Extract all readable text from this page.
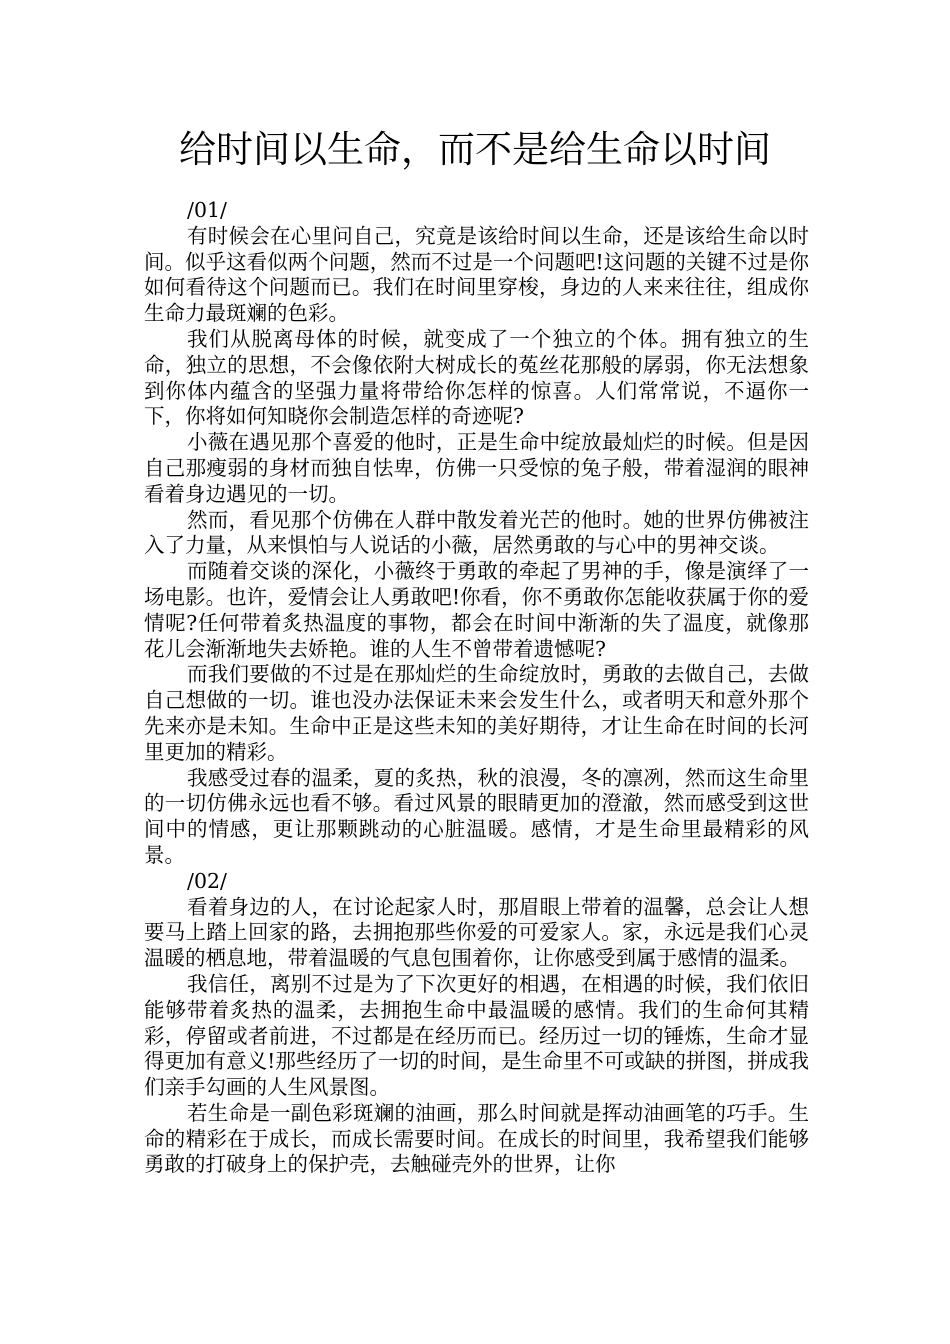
给时间以生命，而不是给生命以时间

/01/

有时候会在心里问自己，究竟是该给时间以生命，还是该给生命以时间。似乎这看似两个问题，然而不过是一个问题吧!这问题的关键不过是你如何看待这个问题而已。我们在时间里穿梭，身边的人来来往往，组成你生命力最斑斓的色彩。

我们从脱离母体的时候，就变成了一个独立的个体。拥有独立的生命，独立的思想，不会像依附大树成长的菟丝花那般的孱弱，你无法想象到你体内蕴含的坚强力量将带给你怎样的惊喜。人们常常说，不逼你一下，你将如何知晓你会制造怎样的奇迹呢?

小薇在遇见那个喜爱的他时，正是生命中绽放最灿烂的时候。但是因自己那瘦弱的身材而独自怯卑，仿佛一只受惊的兔子般，带着湿润的眼神看着身边遇见的一切。

然而，看见那个仿佛在人群中散发着光芒的他时。她的世界仿佛被注入了力量，从来惧怕与人说话的小薇，居然勇敢的与心中的男神交谈。

而随着交谈的深化，小薇终于勇敢的牵起了男神的手，像是演绎了一场电影。也许，爱情会让人勇敢吧!你看，你不勇敢你怎能收获属于你的爱情呢?任何带着炙热温度的事物，都会在时间中渐渐的失了温度，就像那花儿会渐渐地失去娇艳。谁的人生不曾带着遗憾呢?

而我们要做的不过是在那灿烂的生命绽放时，勇敢的去做自己，去做自己想做的一切。谁也没办法保证未来会发生什么，或者明天和意外那个先来亦是未知。生命中正是这些未知的美好期待，才让生命在时间的长河里更加的精彩。

我感受过春的温柔，夏的炙热，秋的浪漫，冬的凛冽，然而这生命里的一切仿佛永远也看不够。看过风景的眼睛更加的澄澈，然而感受到这世间中的情感，更让那颗跳动的心脏温暖。感情，才是生命里最精彩的风景。

/02/

看着身边的人，在讨论起家人时，那眉眼上带着的温馨，总会让人想要马上踏上回家的路，去拥抱那些你爱的可爱家人。家，永远是我们心灵温暖的栖息地，带着温暖的气息包围着你，让你感受到属于感情的温柔。

我信任，离别不过是为了下次更好的相遇，在相遇的时候，我们依旧能够带着炙热的温柔，去拥抱生命中最温暖的感情。我们的生命何其精彩，停留或者前进，不过都是在经历而已。经历过一切的锤炼，生命才显得更加有意义!那些经历了一切的时间，是生命里不可或缺的拼图，拼成我们亲手勾画的人生风景图。

若生命是一副色彩斑斓的油画，那么时间就是挥动油画笔的巧手。生命的精彩在于成长，而成长需要时间。在成长的时间里，我希望我们能够勇敢的打破身上的保护壳，去触碰壳外的世界，让你
